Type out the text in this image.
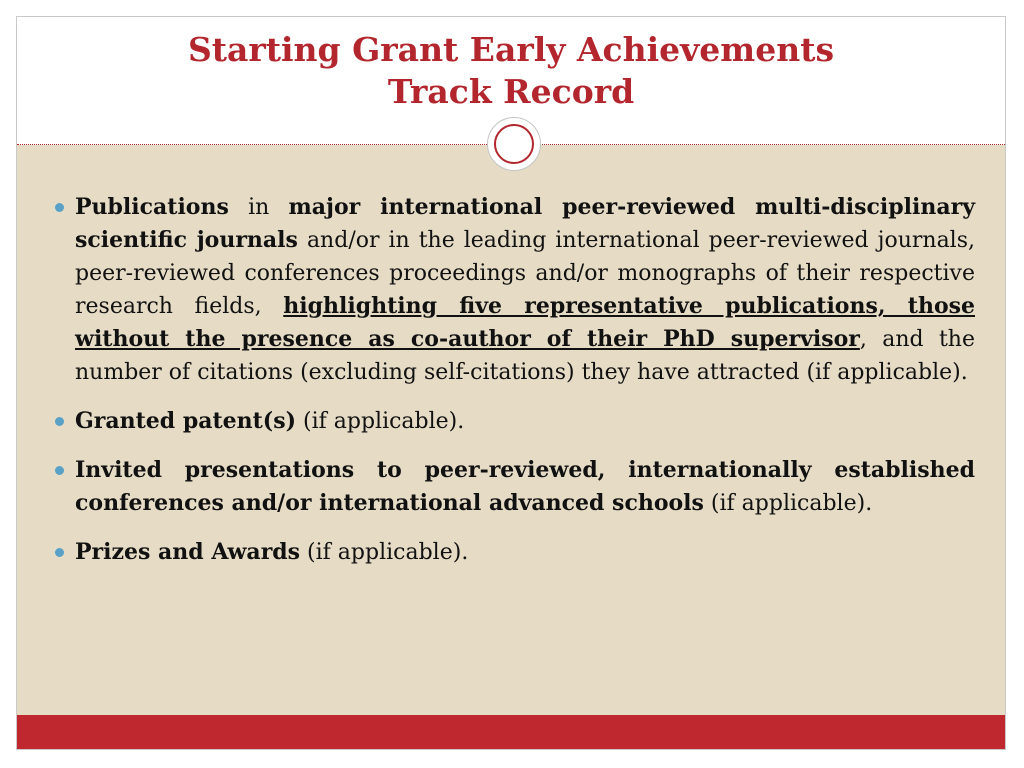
Starting Grant Early Achievements
Track Record
Publications in major international peer-reviewed multi-disciplinary scientific journals and/or in the leading international peer-reviewed journals, peer-reviewed conferences proceedings and/or monographs of their respective research fields, highlighting five representative publications, those without the presence as co-author of their PhD supervisor, and the number of citations (excluding self-citations) they have attracted (if applicable).
Granted patent(s) (if applicable).
Invited presentations to peer-reviewed, internationally established conferences and/or international advanced schools (if applicable).
Prizes and Awards (if applicable).
